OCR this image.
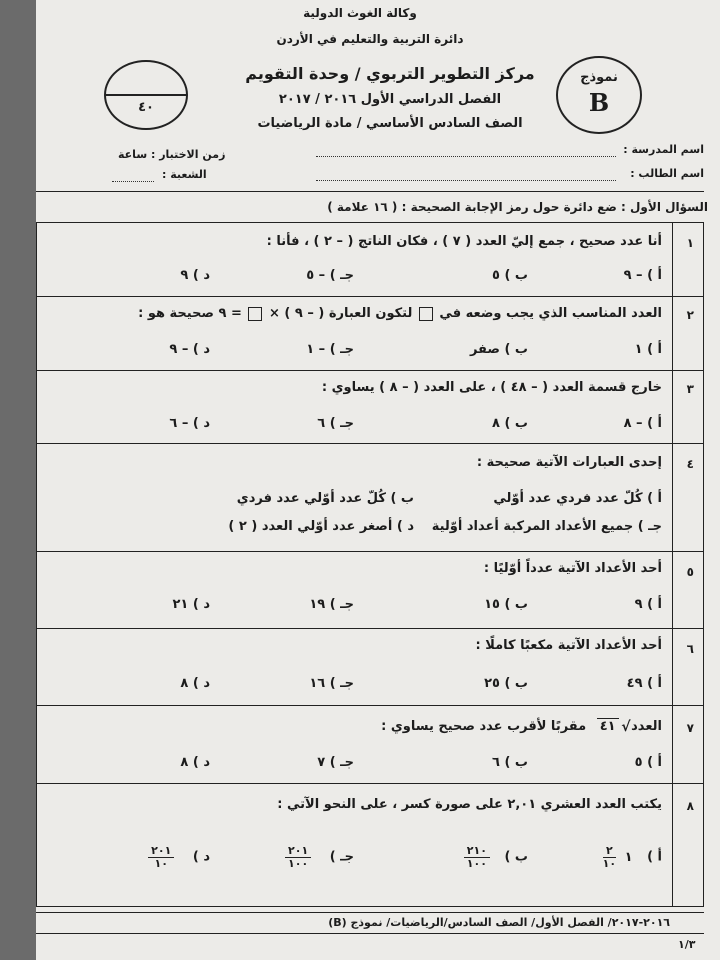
وكالة الغوث الدولية
دائرة التربية والتعليم في الأردن
مركز التطوير التربوي / وحدة التقويم
الفصل الدراسي الأول ٢٠١٦ / ٢٠١٧
الصف السادس الأساسي / مادة الرياضيات
٤٠
نموذج
B
اسم المدرسة :
اسم الطالب :
زمن الاختبار : ساعة
الشعبة :
السؤال الأول : ضع دائرة حول رمز الإجابة الصحيحة : ( ١٦ علامة )
١
أنا عدد صحيح ، جمع إليّ العدد ( ٧ ) ، فكان الناتج ( – ٢ ) ، فأنا :
أ ) – ٩
ب ) ٥
جـ ) – ٥
د ) ٩
٢
العدد المناسب الذي يجب وضعه في  لتكون العبارة ( – ٩ ) ×  = ٩ صحيحة هو :
أ ) ١
ب ) صفر
جـ ) – ١
د ) – ٩
٣
خارج قسمة العدد ( – ٤٨ ) ، على العدد ( – ٨ ) يساوي :
أ ) – ٨
ب ) ٨
جـ ) ٦
د ) – ٦
٤
إحدى العبارات الآتية صحيحة :
أ ) كُلّ عدد فردي عدد أوّلي
ب ) كُلّ عدد أوّلي عدد فردي
جـ ) جميع الأعداد المركبة أعداد أوّلية
د ) أصغر عدد أوّلي العدد ( ٢ )
٥
أحد الأعداد الآتية عدداً أوّليًا :
أ ) ٩
ب ) ١٥
جـ ) ١٩
د ) ٢١
٦
أحد الأعداد الآتية مكعبًا كاملًا :
أ ) ٤٩
ب ) ٢٥
جـ ) ١٦
د ) ٨
٧
العدد
√
٤١ مقربًا لأقرب عدد صحيح يساوي :
أ ) ٥
ب ) ٦
جـ ) ٧
د ) ٨
٨
يكتب العدد العشري ٢,٠١ على صورة كسر ، على النحو الآتي :
أ ) ١
$\frac{٢}{١٠}$
ب )
$\frac{٢١٠}{١٠٠}$
جـ )
$\frac{٢٠١}{١٠٠}$
د )
$\frac{٢٠١}{١٠}$
٢٠١٦-٢٠١٧/ الفصل الأول/ الصف السادس/الرياضيات/ نموذج (B)
١/٣
